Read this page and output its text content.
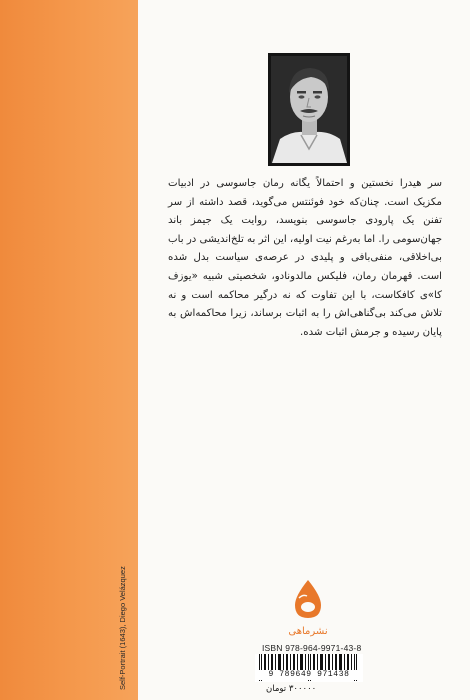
Self-Portrait (1643), Diego Velázquez

سر هیدرا نخستین و احتمالاً یگانه رمان جاسوسی در ادبیات مکزیک است. چنان‌که خود فوئنتس می‌گوید، قصد داشته از سر تفنن یک پارودی جاسوسی بنویسد، روایت یک جیمز باند جهان‌سومی را. اما به‌رغم نیت اولیه، این اثر به تلخ‌اندیشی در باب بی‌اخلاقی، منفی‌بافی و پلیدی در عرصه‌ی سیاست بدل شده است. قهرمان رمان، فلیکس مالدونادو، شخصیتی شبیه «یوزف کا»ی کافکاست، با این تفاوت که نه درگیر محاکمه است و نه تلاش می‌کند بی‌گناهی‌اش را به اثبات برساند، زیرا محاکمه‌اش به پایان رسیده و جرمش اثبات شده.

نشرماهی
ISBN 978-964-9971-43-8
9 789649 971438
۳۰۰۰۰۰ تومان
